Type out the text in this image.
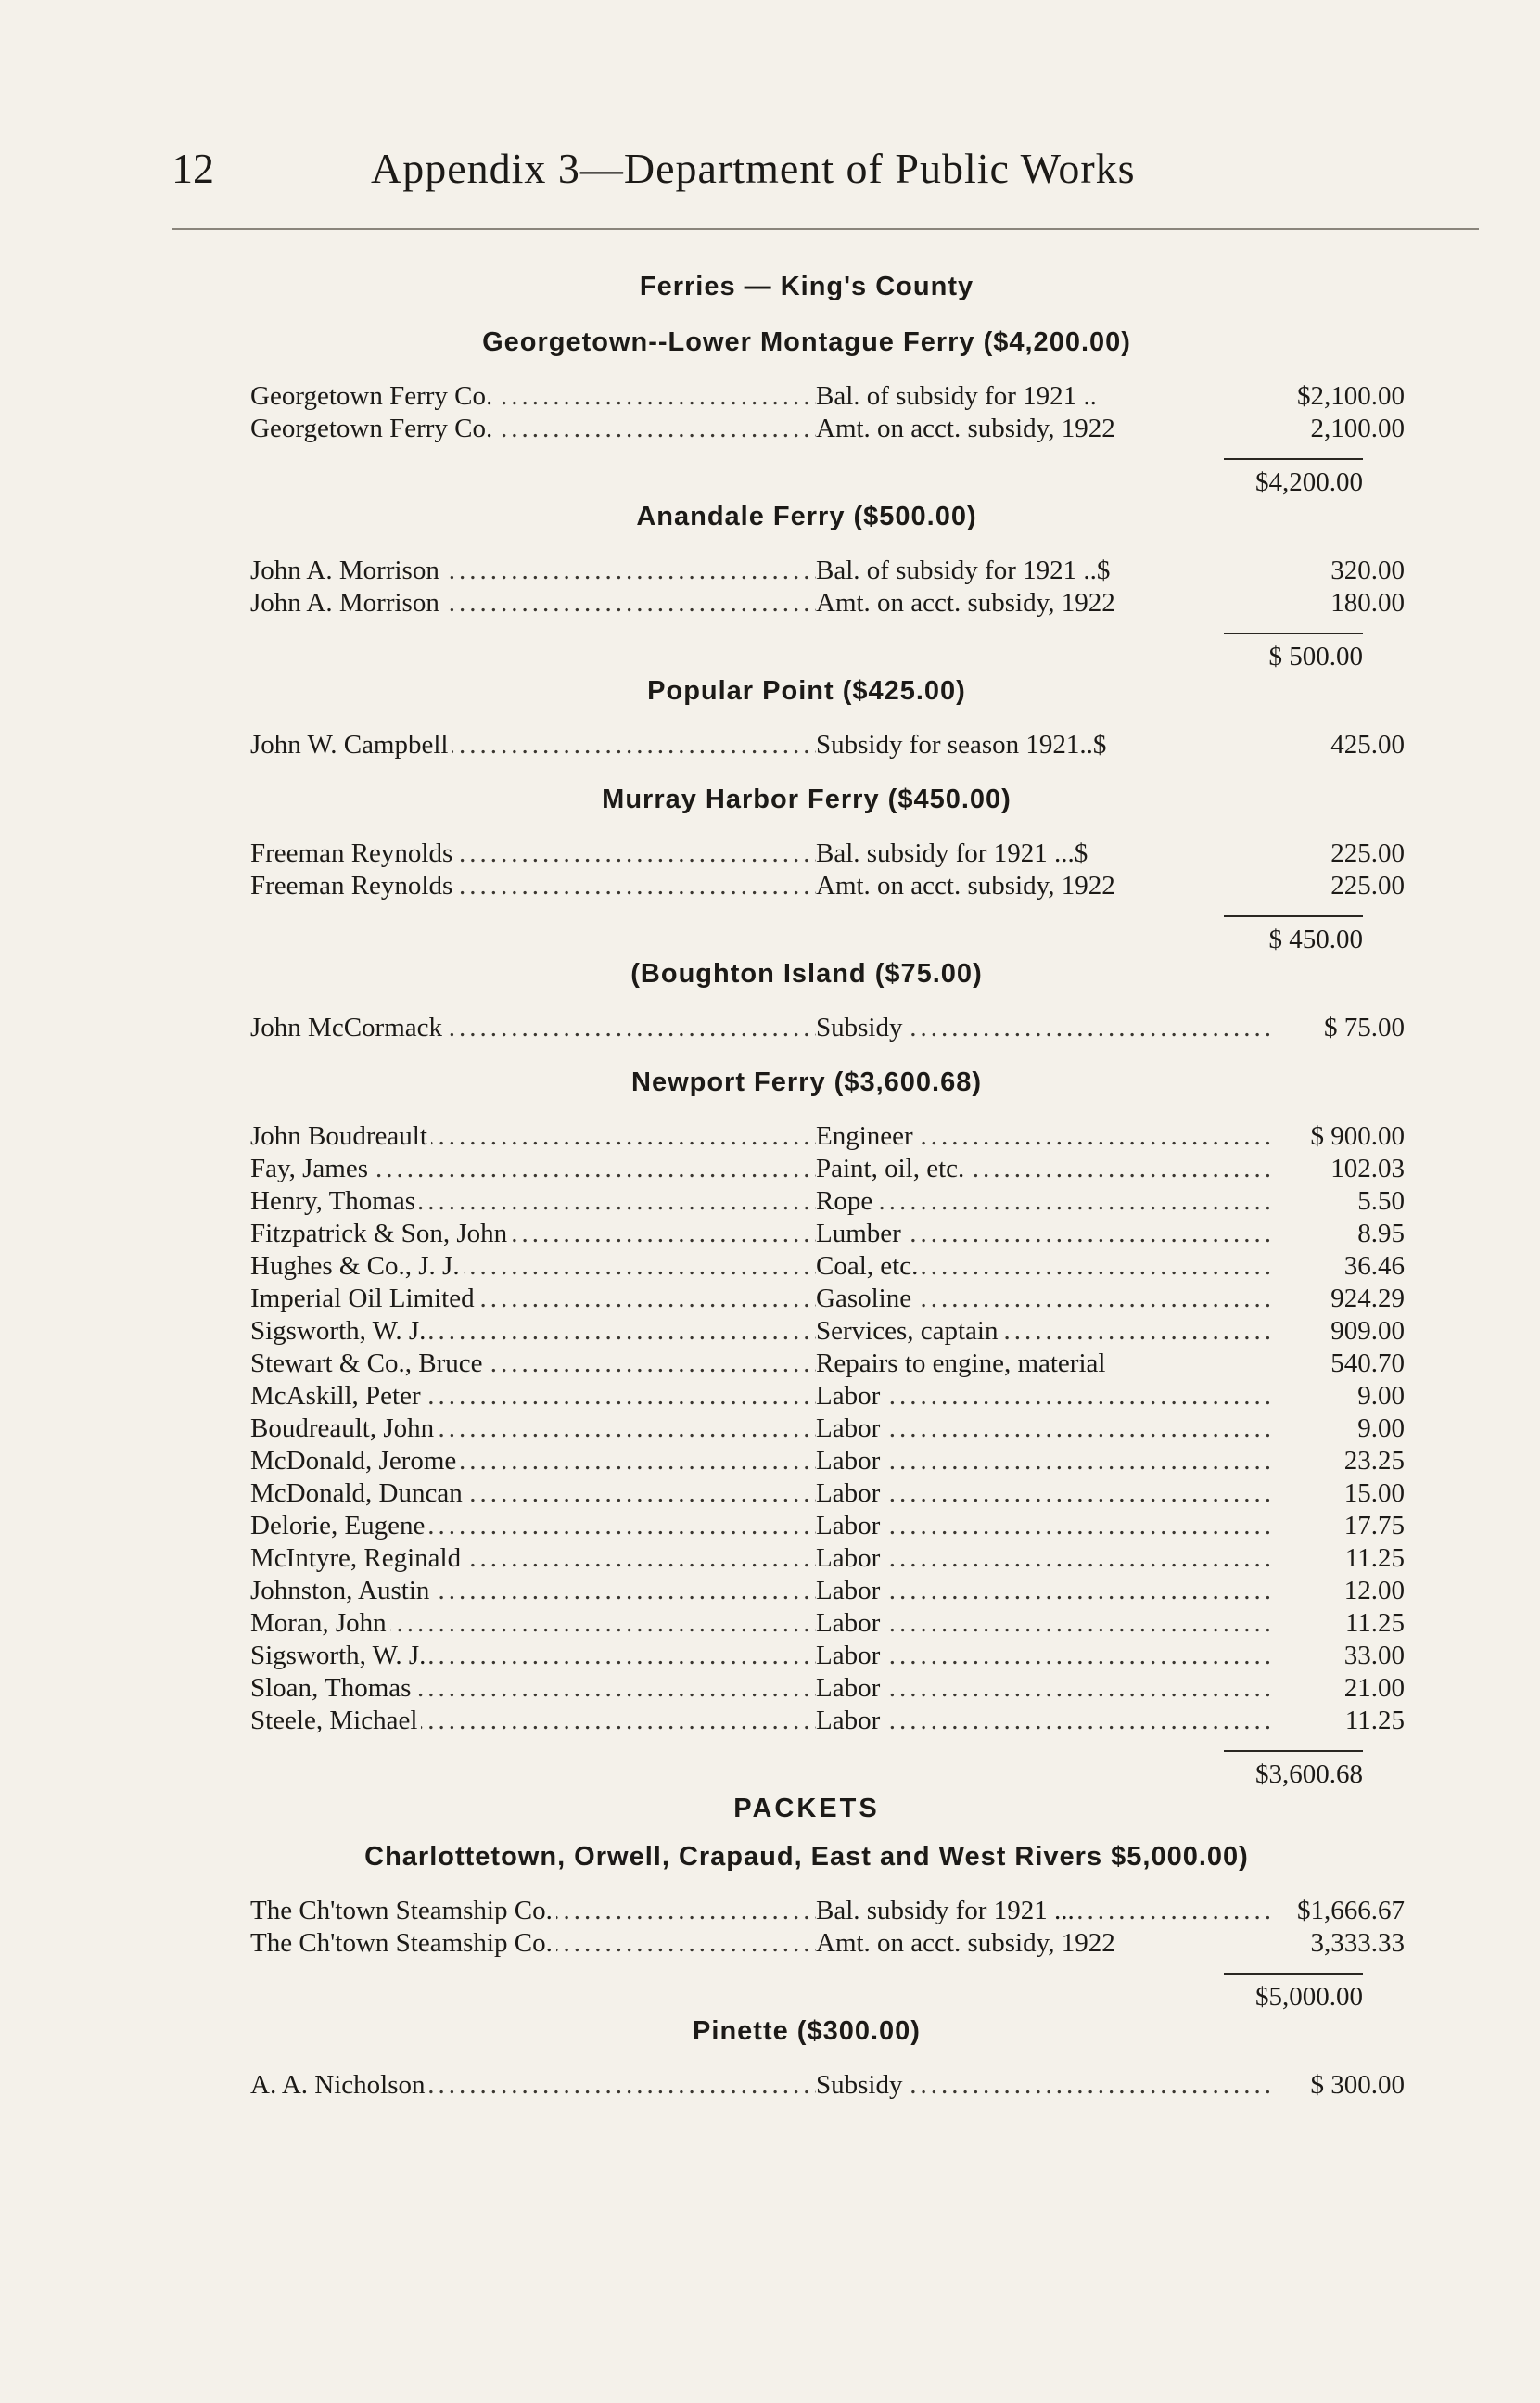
12	Appendix 3—Department of Public Works
Ferries — King's County
Georgetown--Lower Montague Ferry ($4,200.00)
Georgetown Ferry Co. .....	Bal. of subsidy for 1921 ..	$2,100.00
Georgetown Ferry Co. .....	Amt. on acct. subsidy, 1922	2,100.00
$4,200.00
Anandale Ferry ($500.00)
John A. Morrison .....	Bal. of subsidy for 1921 ..$	320.00
John A. Morrison .....	Amt. on acct. subsidy, 1922	180.00
$ 500.00
Popular Point ($425.00)
John W. Campbell .....	Subsidy for season 1921..$	425.00
Murray Harbor Ferry ($450.00)
Freeman Reynolds .....	Bal. subsidy for 1921 ...$	225.00
Freeman Reynolds .....	Amt. on acct. subsidy, 1922	225.00
$ 450.00
(Boughton Island ($75.00)
John McCormack .....	Subsidy .....	$ 75.00
Newport Ferry ($3,600.68)
John Boudreault .....	Engineer .....	$ 900.00
Fay, James .....	Paint, oil, etc. .....	102.03
Henry, Thomas .....	Rope .....	5.50
Fitzpatrick & Son, John .....	Lumber .....	8.95
Hughes & Co., J. J. .....	Coal, etc. .....	36.46
Imperial Oil Limited .....	Gasoline .....	924.29
Sigsworth, W. J. .....	Services, captain .....	909.00
Stewart & Co., Bruce .....	Repairs to engine, material	540.70
McAskill, Peter .....	Labor .....	9.00
Boudreault, John .....	Labor .....	9.00
McDonald, Jerome .....	Labor .....	23.25
McDonald, Duncan .....	Labor .....	15.00
Delorie, Eugene .....	Labor .....	17.75
McIntyre, Reginald .....	Labor .....	11.25
Johnston, Austin .....	Labor .....	12.00
Moran, John .....	Labor .....	11.25
Sigsworth, W. J. .....	Labor .....	33.00
Sloan, Thomas .....	Labor .....	21.00
Steele, Michael .....	Labor .....	11.25
$3,600.68
PACKETS
Charlottetown, Orwell, Crapaud, East and West Rivers $5,000.00)
The Ch'town Steamship Co. .....	Bal. subsidy for 1921 ... .....	$1,666.67
The Ch'town Steamship Co. .....	Amt. on acct. subsidy, 1922	3,333.33
$5,000.00
Pinette ($300.00)
A. A. Nicholson .....	Subsidy .....	$ 300.00
